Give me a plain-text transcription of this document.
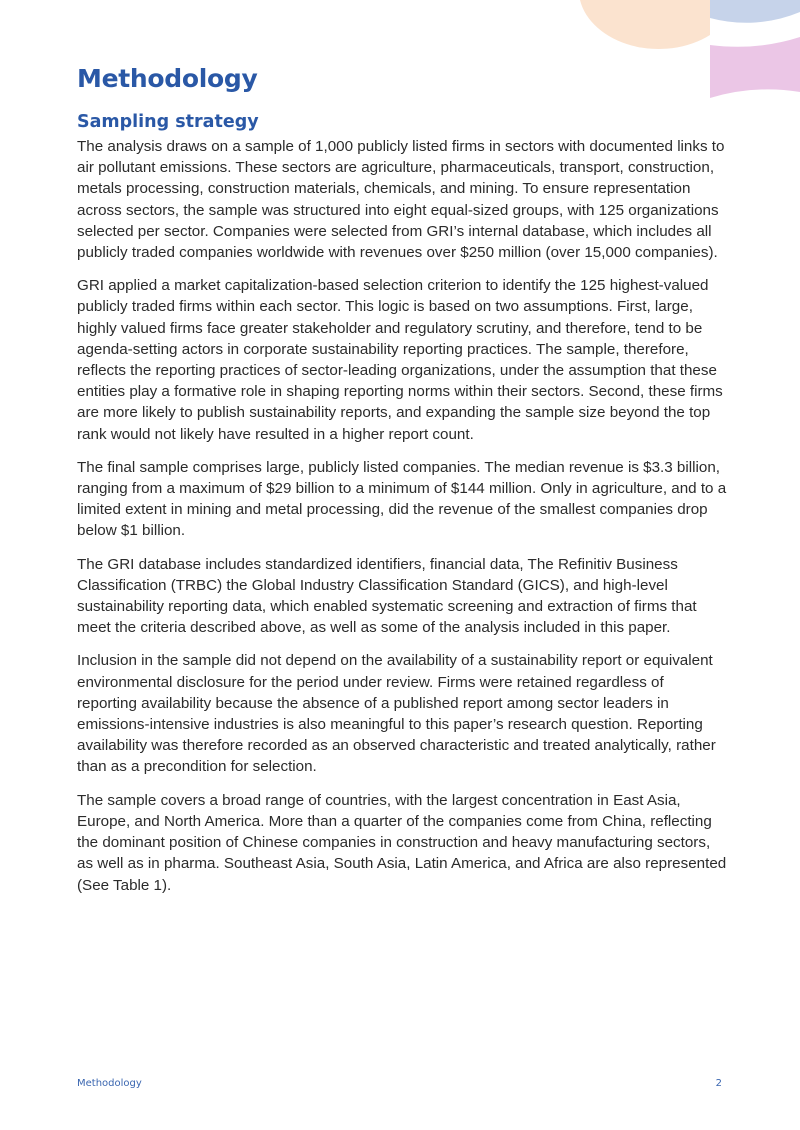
Methodology
Sampling strategy

The analysis draws on a sample of 1,000 publicly listed firms in sectors with documented links to air pollutant emissions. These sectors are agriculture, pharmaceuticals, transport, construction, metals processing, construction materials, chemicals, and mining. To ensure representation across sectors, the sample was structured into eight equal-sized groups, with 125 organizations selected per sector. Companies were selected from GRI’s internal database, which includes all publicly traded companies worldwide with revenues over $250 million (over 15,000 companies).

GRI applied a market capitalization-based selection criterion to identify the 125 highest-valued publicly traded firms within each sector. This logic is based on two assumptions. First, large, highly valued firms face greater stakeholder and regulatory scrutiny, and therefore, tend to be agenda-setting actors in corporate sustainability reporting practices. The sample, therefore, reflects the reporting practices of sector-leading organizations, under the assumption that these entities play a formative role in shaping reporting norms within their sectors. Second, these firms are more likely to publish sustainability reports, and expanding the sample size beyond the top rank would not likely have resulted in a higher report count.

The final sample comprises large, publicly listed companies. The median revenue is $3.3 billion, ranging from a maximum of $29 billion to a minimum of $144 million. Only in agriculture, and to a limited extent in mining and metal processing, did the revenue of the smallest companies drop below $1 billion.

The GRI database includes standardized identifiers, financial data, The Refinitiv Business Classification (TRBC) the Global Industry Classification Standard (GICS), and high-level sustainability reporting data, which enabled systematic screening and extraction of firms that meet the criteria described above, as well as some of the analysis included in this paper.

Inclusion in the sample did not depend on the availability of a sustainability report or equivalent environmental disclosure for the period under review. Firms were retained regardless of reporting availability because the absence of a published report among sector leaders in emissions-intensive industries is also meaningful to this paper’s research question. Reporting availability was therefore recorded as an observed characteristic and treated analytically, rather than as a precondition for selection.

The sample covers a broad range of countries, with the largest concentration in East Asia, Europe, and North America. More than a quarter of the companies come from China, reflecting the dominant position of Chinese companies in construction and heavy manufacturing sectors, as well as in pharma. Southeast Asia, South Asia, Latin America, and Africa are also represented (See Table 1).

Methodology	2
